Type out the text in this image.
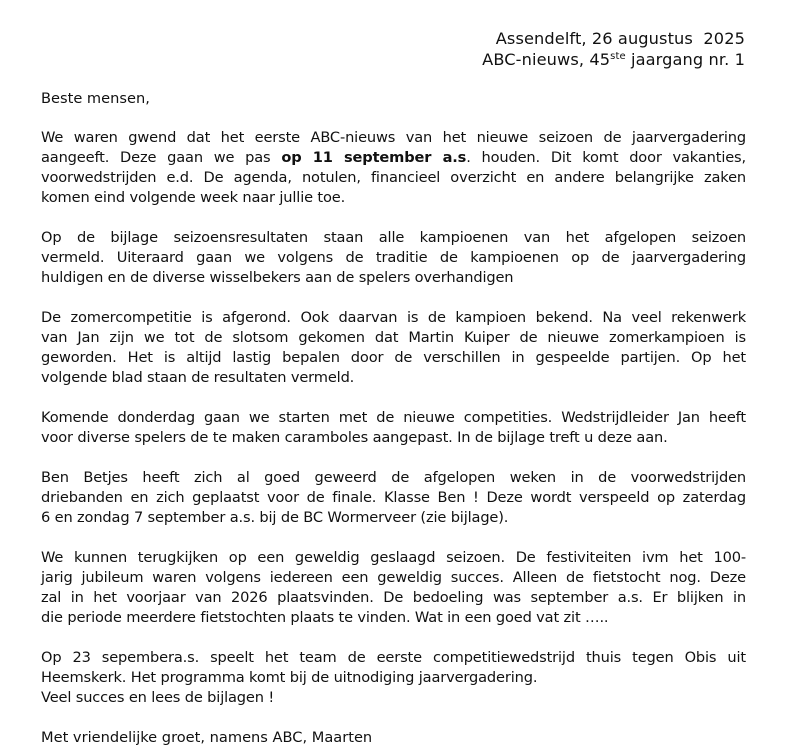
Assendelft, 26 augustus  2025
ABC-nieuws, 45ste jaargang nr. 1
Beste mensen,
We waren gwend dat het eerste ABC-nieuws van het nieuwe seizoen de jaarvergadering
aangeeft. Deze gaan we pas op 11 september a.s. houden. Dit komt door vakanties,
voorwedstrijden e.d. De agenda, notulen, financieel overzicht en andere belangrijke zaken
komen eind volgende week naar jullie toe.
Op de bijlage seizoensresultaten staan alle kampioenen van het afgelopen seizoen
vermeld. Uiteraard gaan we volgens de traditie de kampioenen op de jaarvergadering
huldigen en de diverse wisselbekers aan de spelers overhandigen
De zomercompetitie is afgerond. Ook daarvan is de kampioen bekend. Na veel rekenwerk
van Jan zijn we tot de slotsom gekomen dat Martin Kuiper de nieuwe zomerkampioen is
geworden. Het is altijd lastig bepalen door de verschillen in gespeelde partijen. Op het
volgende blad staan de resultaten vermeld.
Komende donderdag gaan we starten met de nieuwe competities. Wedstrijdleider Jan heeft
voor diverse spelers de te maken caramboles aangepast. In de bijlage treft u deze aan.
Ben Betjes heeft zich al goed geweerd de afgelopen weken in de voorwedstrijden
driebanden en zich geplaatst voor de finale. Klasse Ben ! Deze wordt verspeeld op zaterdag
6 en zondag 7 september a.s. bij de BC Wormerveer (zie bijlage).
We kunnen terugkijken op een geweldig geslaagd seizoen. De festiviteiten ivm het 100-
jarig jubileum waren volgens iedereen een geweldig succes. Alleen de fietstocht nog. Deze
zal in het voorjaar van 2026 plaatsvinden. De bedoeling was september a.s. Er blijken in
die periode meerdere fietstochten plaats te vinden. Wat in een goed vat zit …..
Op 23 sepembera.s. speelt het team de eerste competitiewedstrijd thuis tegen Obis uit
Heemskerk. Het programma komt bij de uitnodiging jaarvergadering.
Veel succes en lees de bijlagen !
Met vriendelijke groet, namens ABC, Maarten
